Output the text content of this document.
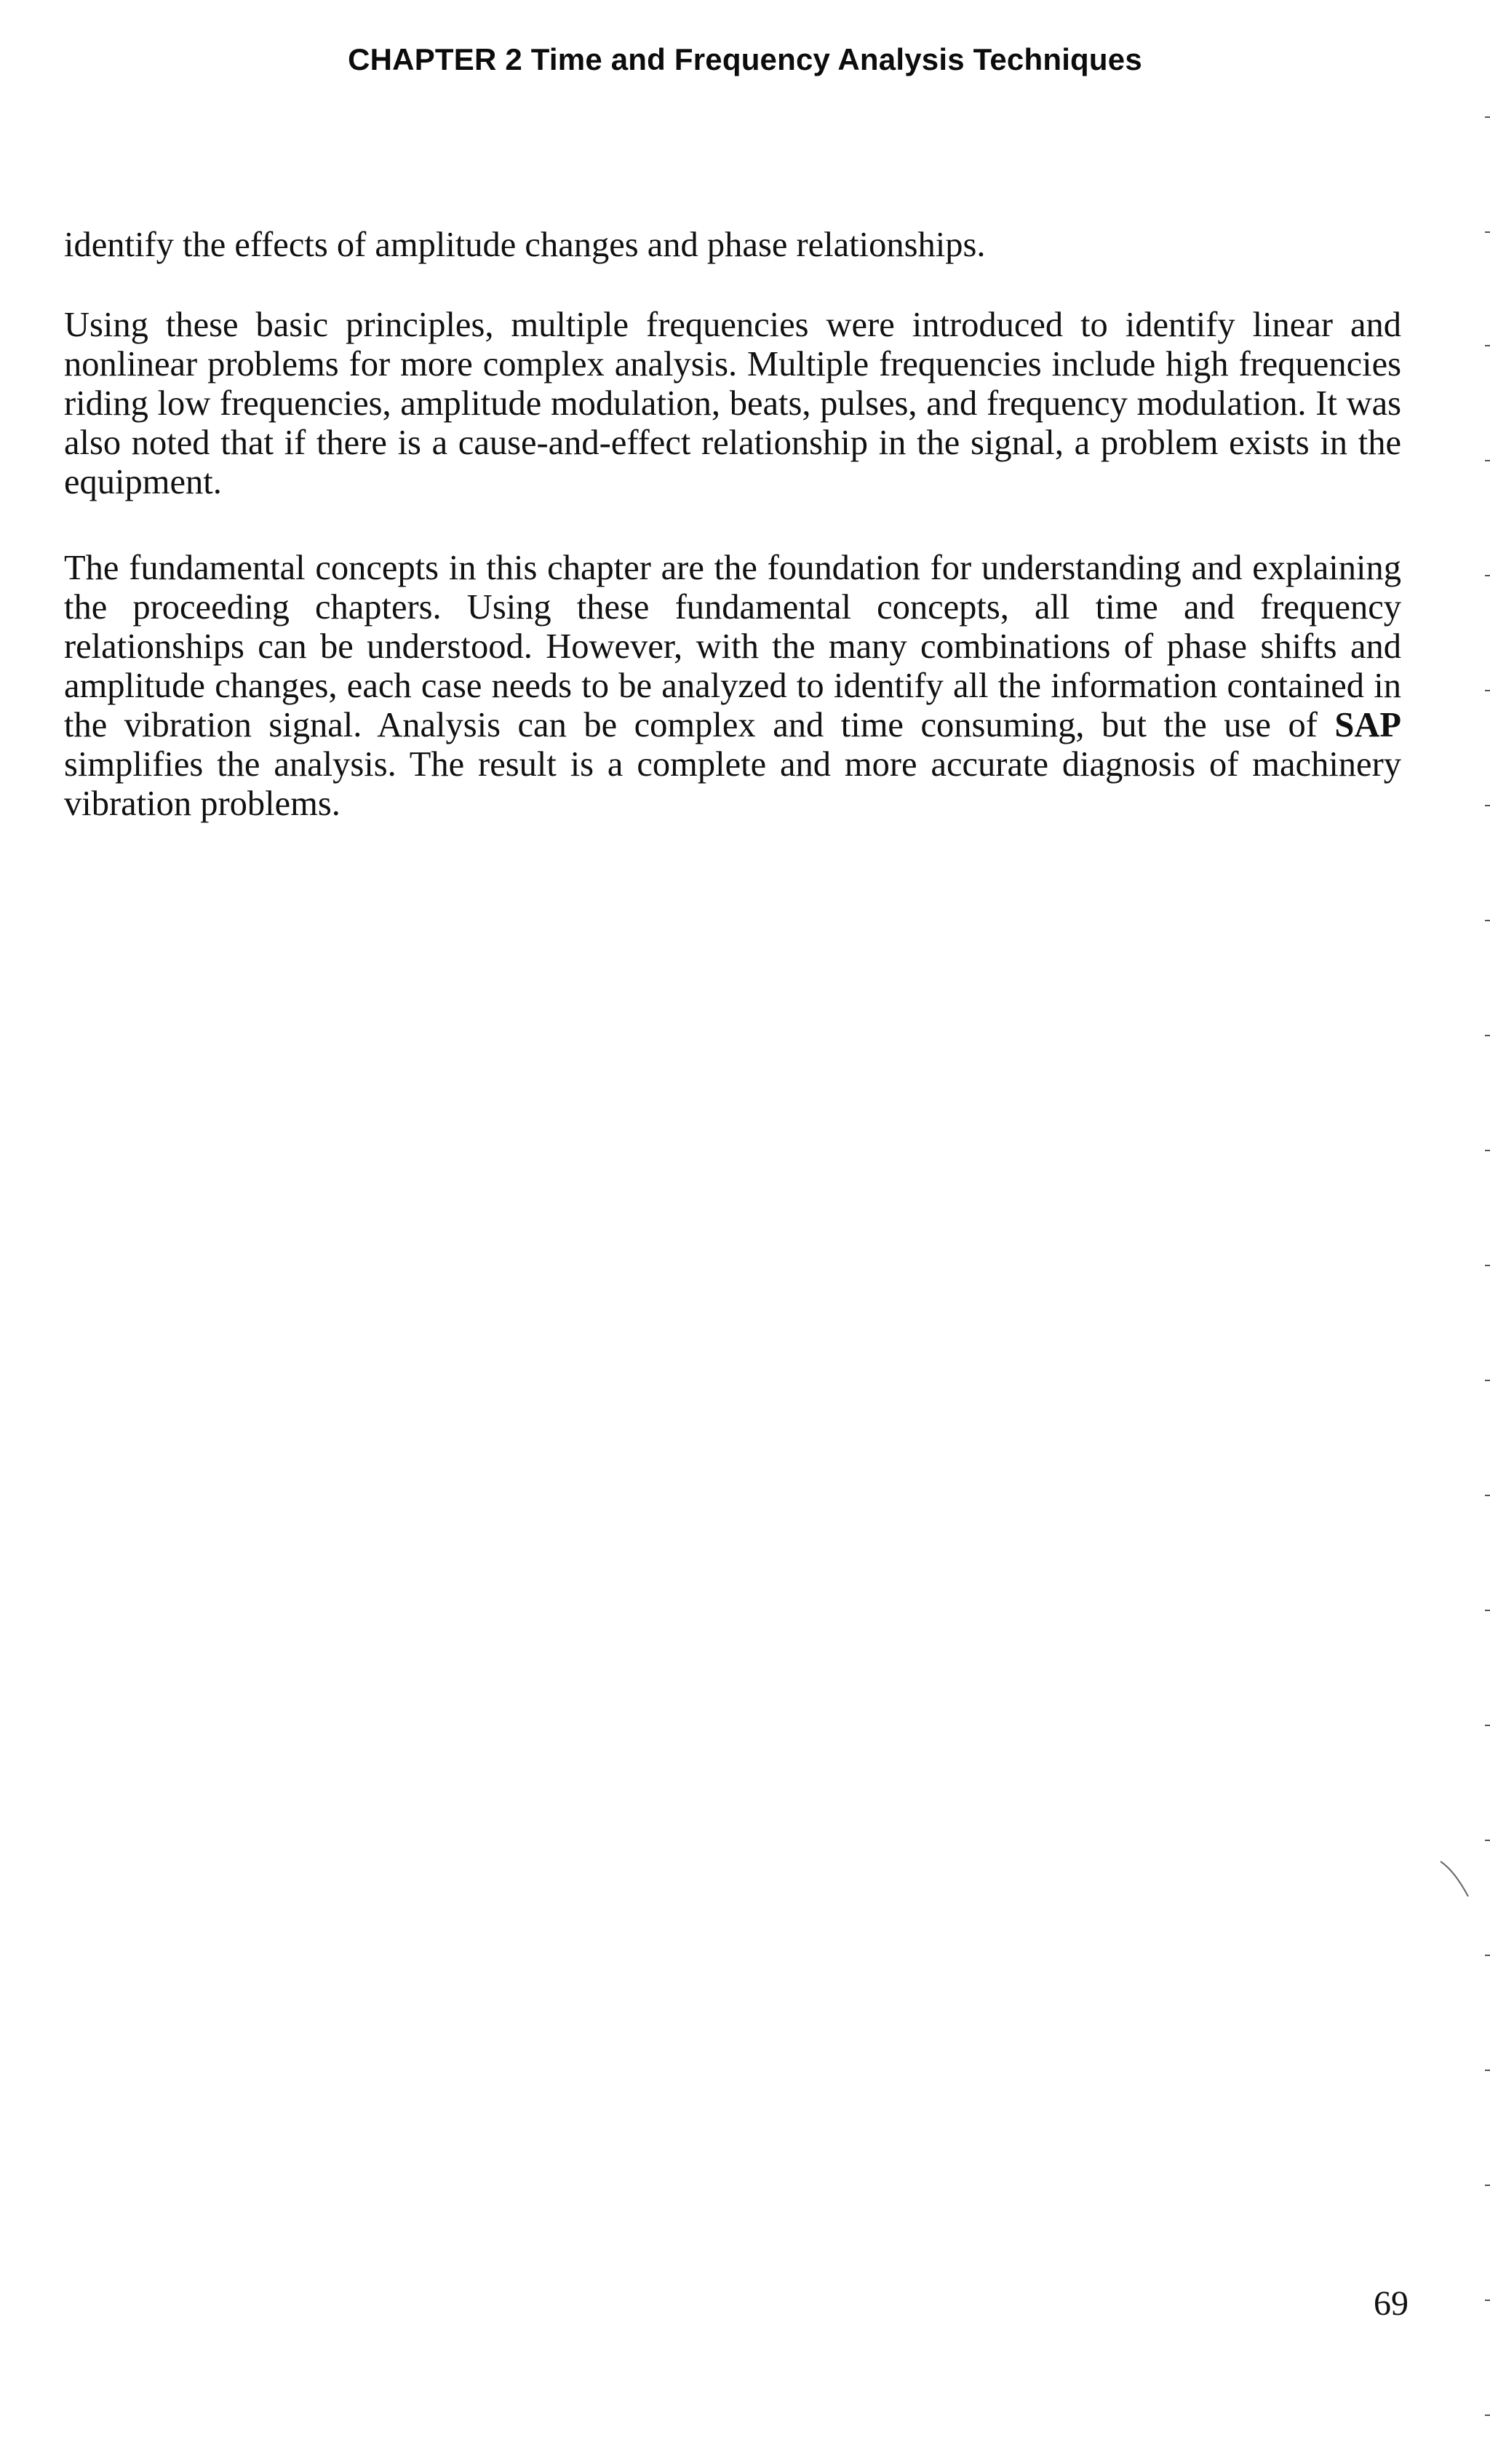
CHAPTER 2 Time and Frequency Analysis Techniques

identify the effects of amplitude changes and phase relationships.

Using these basic principles, multiple frequencies were introduced to identify linear and nonlinear problems for more complex analysis. Multiple frequencies include high frequencies riding low frequencies, amplitude modulation, beats, pulses, and frequency modulation. It was also noted that if there is a cause-and-effect relationship in the signal, a problem exists in the equipment.

The fundamental concepts in this chapter are the foundation for understanding and explaining the proceeding chapters. Using these fundamental concepts, all time and frequency relationships can be understood. However, with the many combinations of phase shifts and amplitude changes, each case needs to be analyzed to identify all the information contained in the vibration signal. Analysis can be complex and time consuming, but the use of SAP simplifies the analysis. The result is a complete and more accurate diagnosis of machinery vibration problems.

69
